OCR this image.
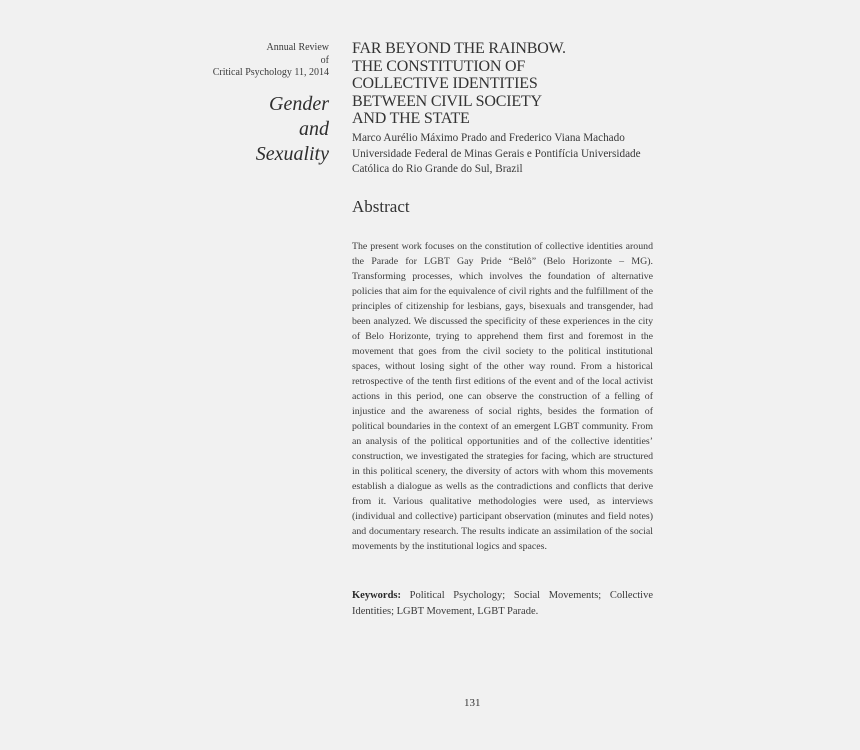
Annual Review
of
Critical Psychology 11, 2014
Gender
and
Sexuality
FAR BEYOND THE RAINBOW.
THE CONSTITUTION OF
COLLECTIVE IDENTITIES
BETWEEN CIVIL SOCIETY
AND THE STATE
Marco Aurélio Máximo Prado and Frederico Viana Machado
Universidade Federal de Minas Gerais e Pontifícia Universidade
Católica do Rio Grande do Sul, Brazil
Abstract
The present work focuses on the constitution of collective identities around the Parade for LGBT Gay Pride “Belô” (Belo Horizonte – MG). Transforming processes, which involves the foundation of alternative policies that aim for the equivalence of civil rights and the fulfillment of the principles of citizenship for lesbians, gays, bisexuals and transgender, had been analyzed. We discussed the specificity of these experiences in the city of Belo Horizonte, trying to apprehend them first and foremost in the movement that goes from the civil society to the political institutional spaces, without losing sight of the other way round. From a historical retrospective of the tenth first editions of the event and of the local activist actions in this period, one can observe the construction of a felling of injustice and the awareness of social rights, besides the formation of political boundaries in the context of an emergent LGBT community. From an analysis of the political opportunities and of the collective identities’ construction, we investigated the strategies for facing, which are structured in this political scenery, the diversity of actors with whom this movements establish a dialogue as wells as the contradictions and conflicts that derive from it. Various qualitative methodologies were used, as interviews (individual and collective) participant observation (minutes and field notes) and documentary research. The results indicate an assimilation of the social movements by the institutional logics and spaces.
Keywords: Political Psychology; Social Movements; Collective Identities; LGBT Movement, LGBT Parade.
131
